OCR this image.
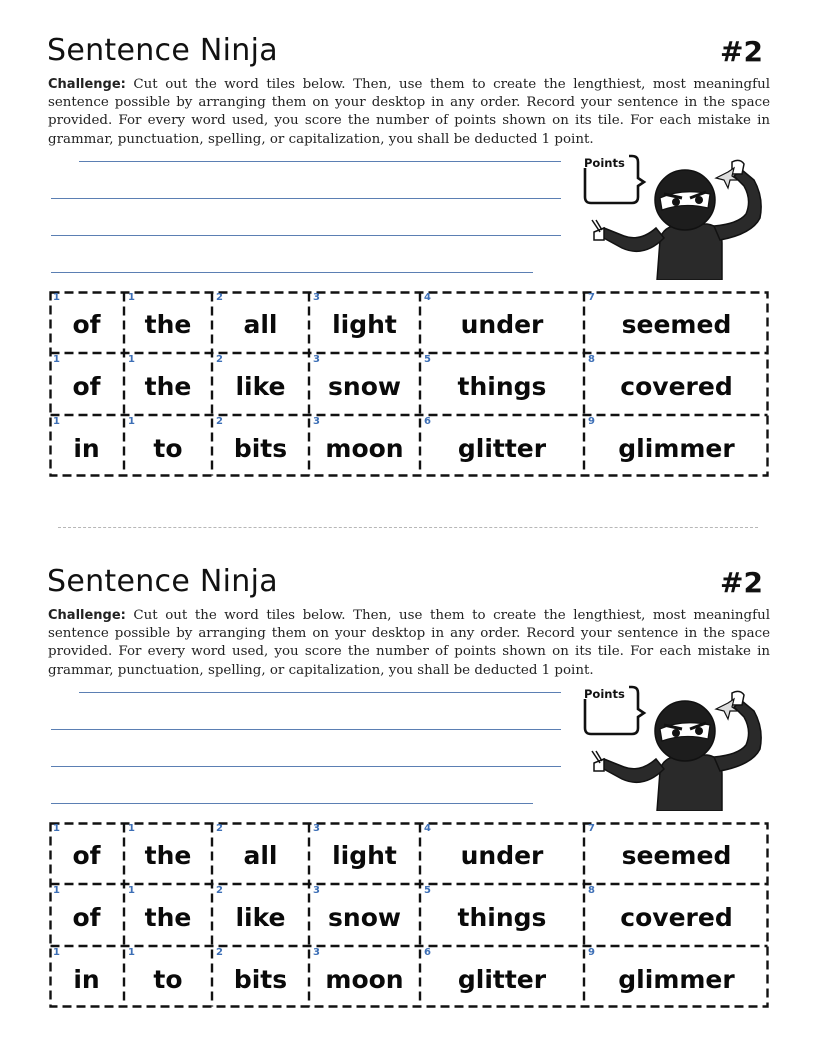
Sentence Ninja	#2

Challenge: Cut out the word tiles below. Then, use them to create the lengthiest, most meaningful sentence possible by arranging them on your desktop in any order. Record your sentence in the space provided. For every word used, you score the number of points shown on its tile. For each mistake in grammar, punctuation, spelling, or capitalization, you shall be deducted 1 point.

Points
1
of
1
the
2
all
3
light
4
under
7
seemed
1
of
1
the
2
like
3
snow
5
things
8
covered
1
in
1
to
2
bits
3
moon
6
glitter
9
glimmer
Sentence Ninja	#2

Challenge: Cut out the word tiles below. Then, use them to create the lengthiest, most meaningful sentence possible by arranging them on your desktop in any order. Record your sentence in the space provided. For every word used, you score the number of points shown on its tile. For each mistake in grammar, punctuation, spelling, or capitalization, you shall be deducted 1 point.

Points
1
of
1
the
2
all
3
light
4
under
7
seemed
1
of
1
the
2
like
3
snow
5
things
8
covered
1
in
1
to
2
bits
3
moon
6
glitter
9
glimmer
